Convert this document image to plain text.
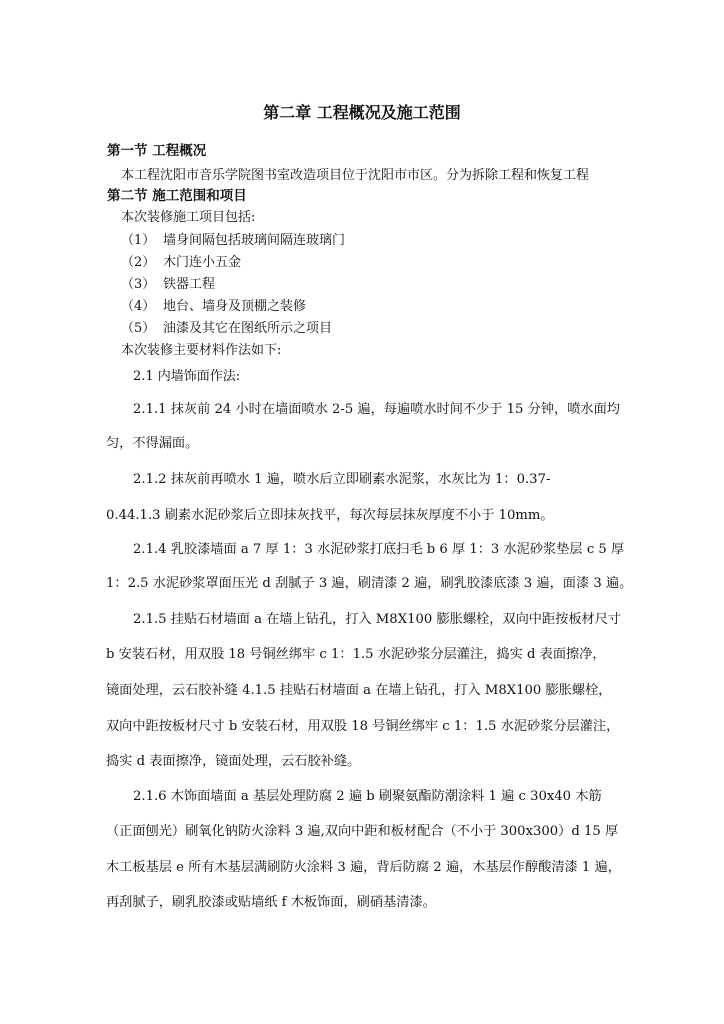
第二章 工程概况及施工范围
第一节 工程概况
本工程沈阳市音乐学院图书室改造项目位于沈阳市市区。分为拆除工程和恢复工程
第二节 施工范围和项目
本次装修施工项目包括:
（1） 墙身间隔包括玻璃间隔连玻璃门
（2） 木门连小五金
（3） 铁器工程
（4） 地台、墙身及顶棚之装修
（5） 油漆及其它在图纸所示之项目
本次装修主要材料作法如下:
2.1 内墙饰面作法:
2.1.1 抹灰前 24 小时在墙面喷水 2-5 遍，每遍喷水时间不少于 15 分钟，喷水面均
匀，不得漏面。
2.1.2 抹灰前再喷水 1 遍，喷水后立即刷素水泥浆，水灰比为 1：0.37-
0.44.1.3 刷素水泥砂浆后立即抹灰找平，每次每层抹灰厚度不小于 10mm。
2.1.4 乳胶漆墙面 a 7 厚 1：3 水泥砂浆打底扫毛 b 6 厚 1：3 水泥砂浆垫层 c 5 厚
1：2.5 水泥砂浆罩面压光 d 刮腻子 3 遍，刷清漆 2 遍，刷乳胶漆底漆 3 遍，面漆 3 遍。
2.1.5 挂贴石材墙面 a 在墙上钻孔，打入 M8X100 膨胀螺栓，双向中距按板材尺寸
b 安装石材，用双股 18 号铜丝绑牢 c 1：1.5 水泥砂浆分层灌注，捣实 d 表面擦净，
镜面处理，云石胶补缝 4.1.5 挂贴石材墙面 a 在墙上钻孔，打入 M8X100 膨胀螺栓，
双向中距按板材尺寸 b 安装石材，用双股 18 号铜丝绑牢 c 1：1.5 水泥砂浆分层灌注，
捣实 d 表面擦净，镜面处理，云石胶补缝。
2.1.6 木饰面墙面 a 基层处理防腐 2 遍 b 刷聚氨酯防潮涂料 1 遍 c 30x40 木筋
（正面刨光）刷氧化钠防火涂料 3 遍,双向中距和板材配合（不小于 300x300）d 15 厚
木工板基层 e 所有木基层满刷防火涂料 3 遍，背后防腐 2 遍，木基层作醇酸清漆 1 遍，
再刮腻子，刷乳胶漆或贴墙纸 f 木板饰面，刷硝基清漆。
